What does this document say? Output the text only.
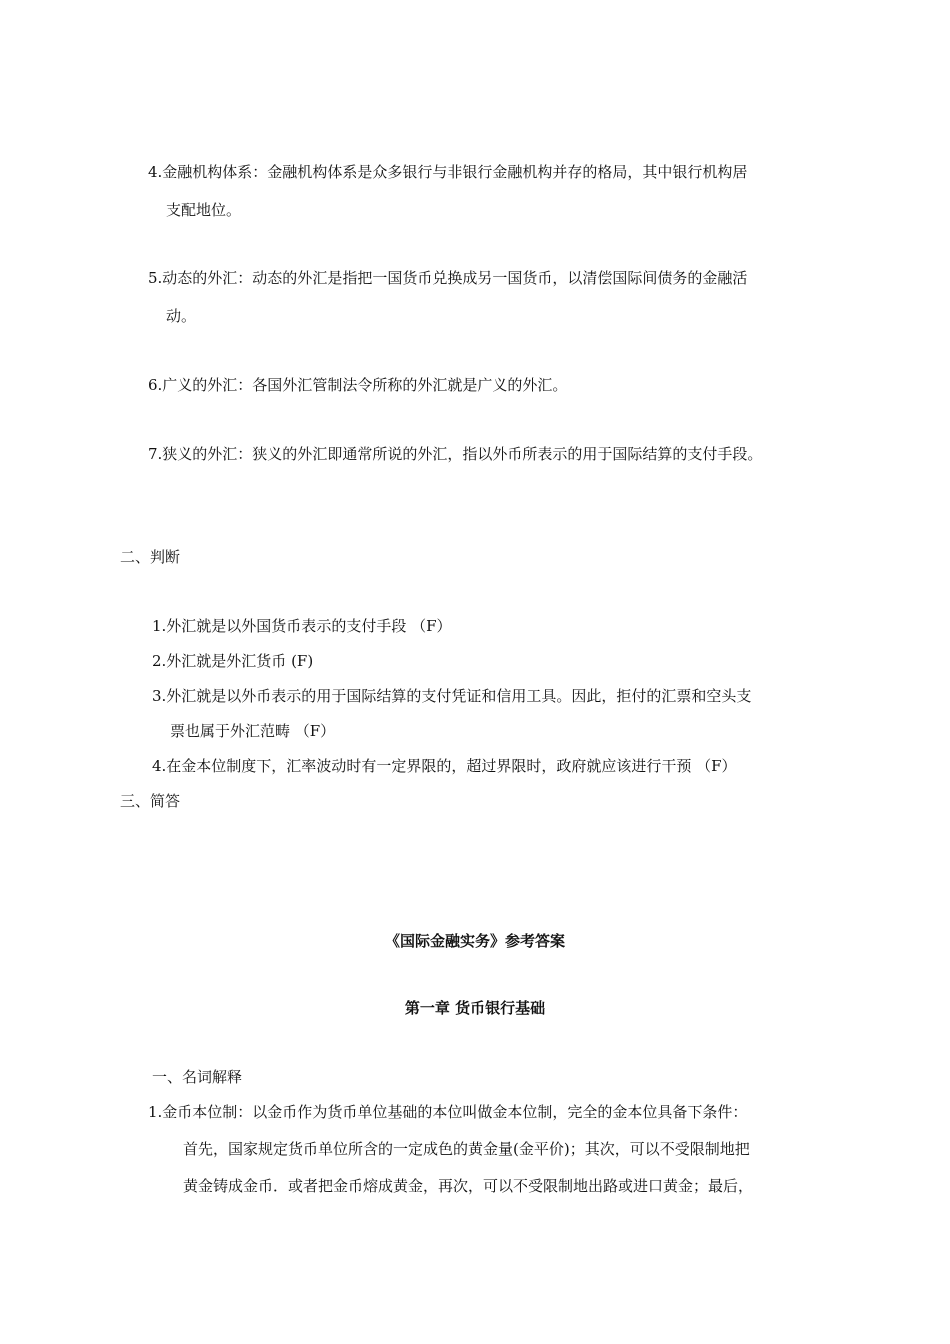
4.金融机构体系：金融机构体系是众多银行与非银行金融机构并存的格局，其中银行机构居
支配地位。
5.动态的外汇：动态的外汇是指把一国货币兑换成另一国货币，以清偿国际间债务的金融活
动。
6.广义的外汇：各国外汇管制法令所称的外汇就是广义的外汇。
7.狭义的外汇：狭义的外汇即通常所说的外汇，指以外币所表示的用于国际结算的支付手段。
二、判断
1.外汇就是以外国货币表示的支付手段 （F）
2.外汇就是外汇货币 (F)
3.外汇就是以外币表示的用于国际结算的支付凭证和信用工具。因此，拒付的汇票和空头支
票也属于外汇范畴 （F）
4.在金本位制度下，汇率波动时有一定界限的，超过界限时，政府就应该进行干预 （F）
三、简答
《国际金融实务》参考答案
第一章 货币银行基础
一、名词解释
1.金币本位制：以金币作为货币单位基础的本位叫做金本位制，完全的金本位具备下条件：
首先，国家规定货币单位所含的一定成色的黄金量(金平价)；其次，可以不受限制地把
黄金铸成金币．或者把金币熔成黄金，再次，可以不受限制地出路或进口黄金；最后，
